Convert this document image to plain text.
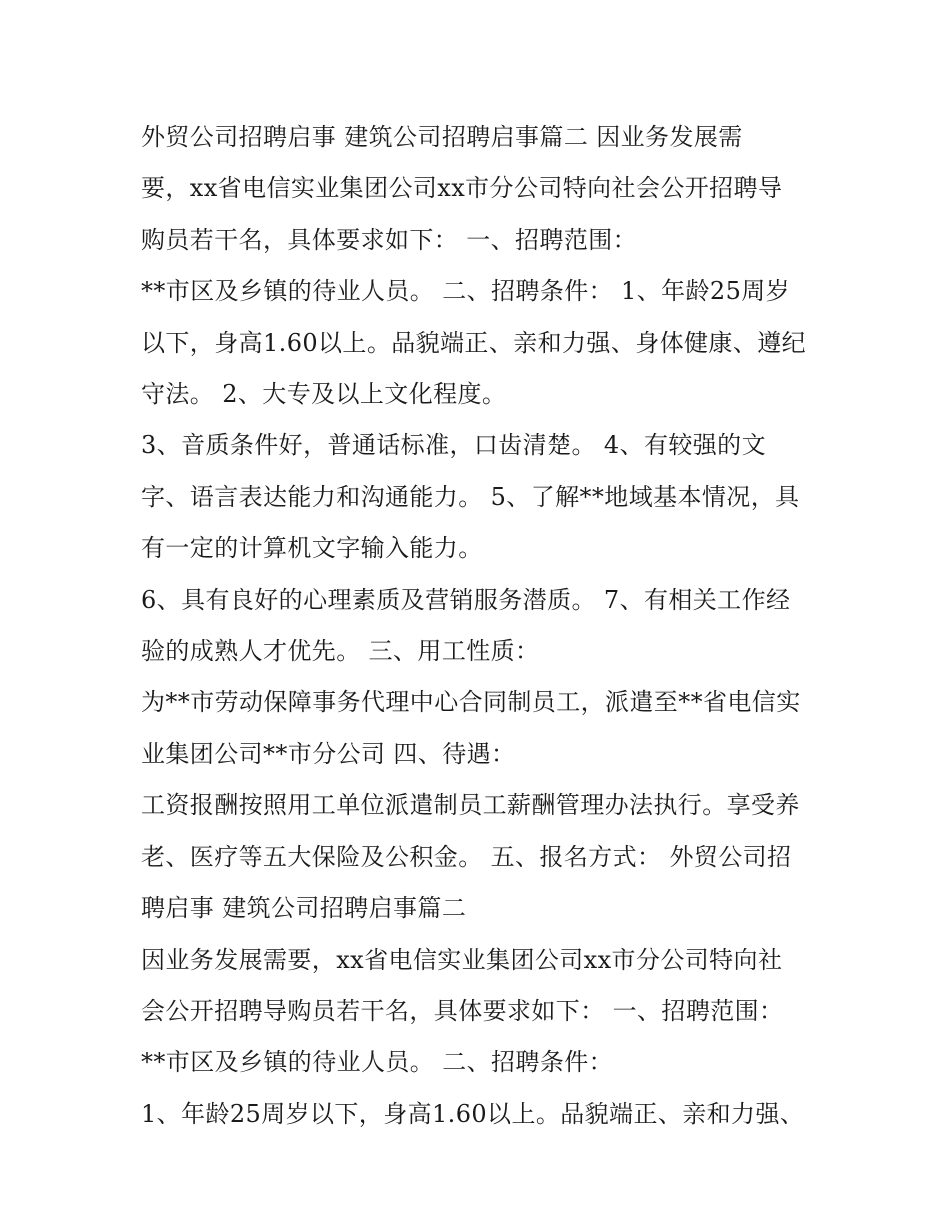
外贸公司招聘启事 建筑公司招聘启事篇二 因业务发展需
要，xx省电信实业集团公司xx市分公司特向社会公开招聘导
购员若干名，具体要求如下： 一、招聘范围：
**市区及乡镇的待业人员。 二、招聘条件： 1、年龄25周岁
以下，身高1.60以上。品貌端正、亲和力强、身体健康、遵纪
守法。 2、大专及以上文化程度。
3、音质条件好，普通话标准，口齿清楚。 4、有较强的文
字、语言表达能力和沟通能力。 5、了解**地域基本情况，具
有一定的计算机文字输入能力。
6、具有良好的心理素质及营销服务潜质。 7、有相关工作经
验的成熟人才优先。 三、用工性质：
为**市劳动保障事务代理中心合同制员工，派遣至**省电信实
业集团公司**市分公司 四、待遇：
工资报酬按照用工单位派遣制员工薪酬管理办法执行。享受养
老、医疗等五大保险及公积金。 五、报名方式： 外贸公司招
聘启事 建筑公司招聘启事篇二
因业务发展需要，xx省电信实业集团公司xx市分公司特向社
会公开招聘导购员若干名，具体要求如下： 一、招聘范围：
**市区及乡镇的待业人员。 二、招聘条件：
1、年龄25周岁以下，身高1.60以上。品貌端正、亲和力强、
